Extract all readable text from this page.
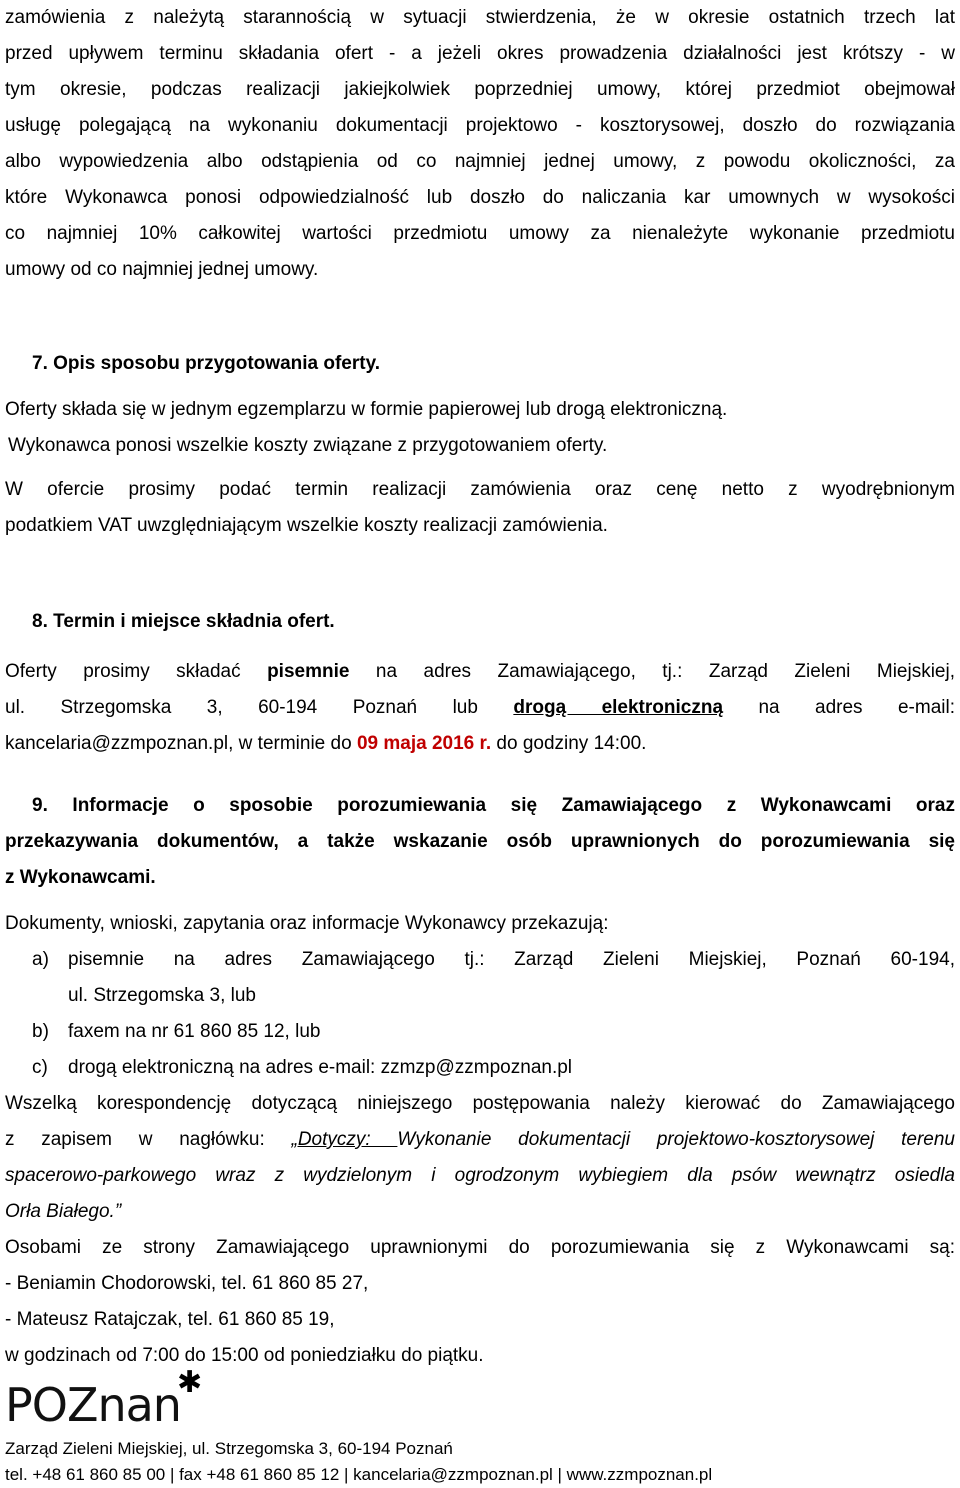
zamówienia z należytą starannością w sytuacji stwierdzenia, że w okresie ostatnich trzech lat
przed upływem terminu składania ofert - a jeżeli okres prowadzenia działalności jest krótszy - w
tym okresie, podczas realizacji jakiejkolwiek poprzedniej umowy, której przedmiot obejmował
usługę polegającą na wykonaniu dokumentacji projektowo - kosztorysowej, doszło do rozwiązania
albo wypowiedzenia albo odstąpienia od co najmniej jednej umowy, z powodu okoliczności, za
które Wykonawca ponosi odpowiedzialność lub doszło do naliczania kar umownych w wysokości
co najmniej 10% całkowitej wartości przedmiotu umowy za nienależyte wykonanie przedmiotu
umowy od co najmniej jednej umowy.
7. Opis sposobu przygotowania oferty.
Oferty składa się w jednym egzemplarzu w formie papierowej lub drogą elektroniczną.
Wykonawca ponosi wszelkie koszty związane z przygotowaniem oferty.
W ofercie prosimy podać termin realizacji zamówienia oraz cenę netto z wyodrębnionym
podatkiem VAT uwzględniającym wszelkie koszty realizacji zamówienia.
8. Termin i miejsce składnia ofert.
Oferty prosimy składać pisemnie na adres Zamawiającego, tj.: Zarząd Zieleni Miejskiej,
ul. Strzegomska 3, 60-194 Poznań lub drogą elektroniczną na adres e-mail:
kancelaria@zzmpoznan.pl, w terminie do 09 maja 2016 r. do godziny 14:00.
9. Informacje o sposobie porozumiewania się Zamawiającego z Wykonawcami oraz
przekazywania dokumentów, a także wskazanie osób uprawnionych do porozumiewania się
z Wykonawcami.
Dokumenty, wnioski, zapytania oraz informacje Wykonawcy przekazują:
a) pisemnie na adres Zamawiającego tj.: Zarząd Zieleni Miejskiej, Poznań 60-194,
ul. Strzegomska 3, lub
b) faxem na nr 61 860 85 12, lub
c) drogą elektroniczną na adres e-mail: zzmzp@zzmpoznan.pl
Wszelką korespondencję dotyczącą niniejszego postępowania należy kierować do Zamawiającego
z zapisem w nagłówku: „Dotyczy: Wykonanie dokumentacji projektowo-kosztorysowej terenu
spacerowo-parkowego wraz z wydzielonym i ogrodzonym wybiegiem dla psów wewnątrz osiedla
Orła Białego.”
Osobami ze strony Zamawiającego uprawnionymi do porozumiewania się z Wykonawcami są:
- Beniamin Chodorowski, tel. 61 860 85 27,
- Mateusz Ratajczak, tel. 61 860 85 19,
w godzinach od 7:00 do 15:00 od poniedziałku do piątku.
POZnan
✱
Zarząd Zieleni Miejskiej, ul. Strzegomska 3, 60-194 Poznań
tel. +48 61 860 85 00 | fax +48 61 860 85 12 | kancelaria@zzmpoznan.pl | www.zzmpoznan.pl
